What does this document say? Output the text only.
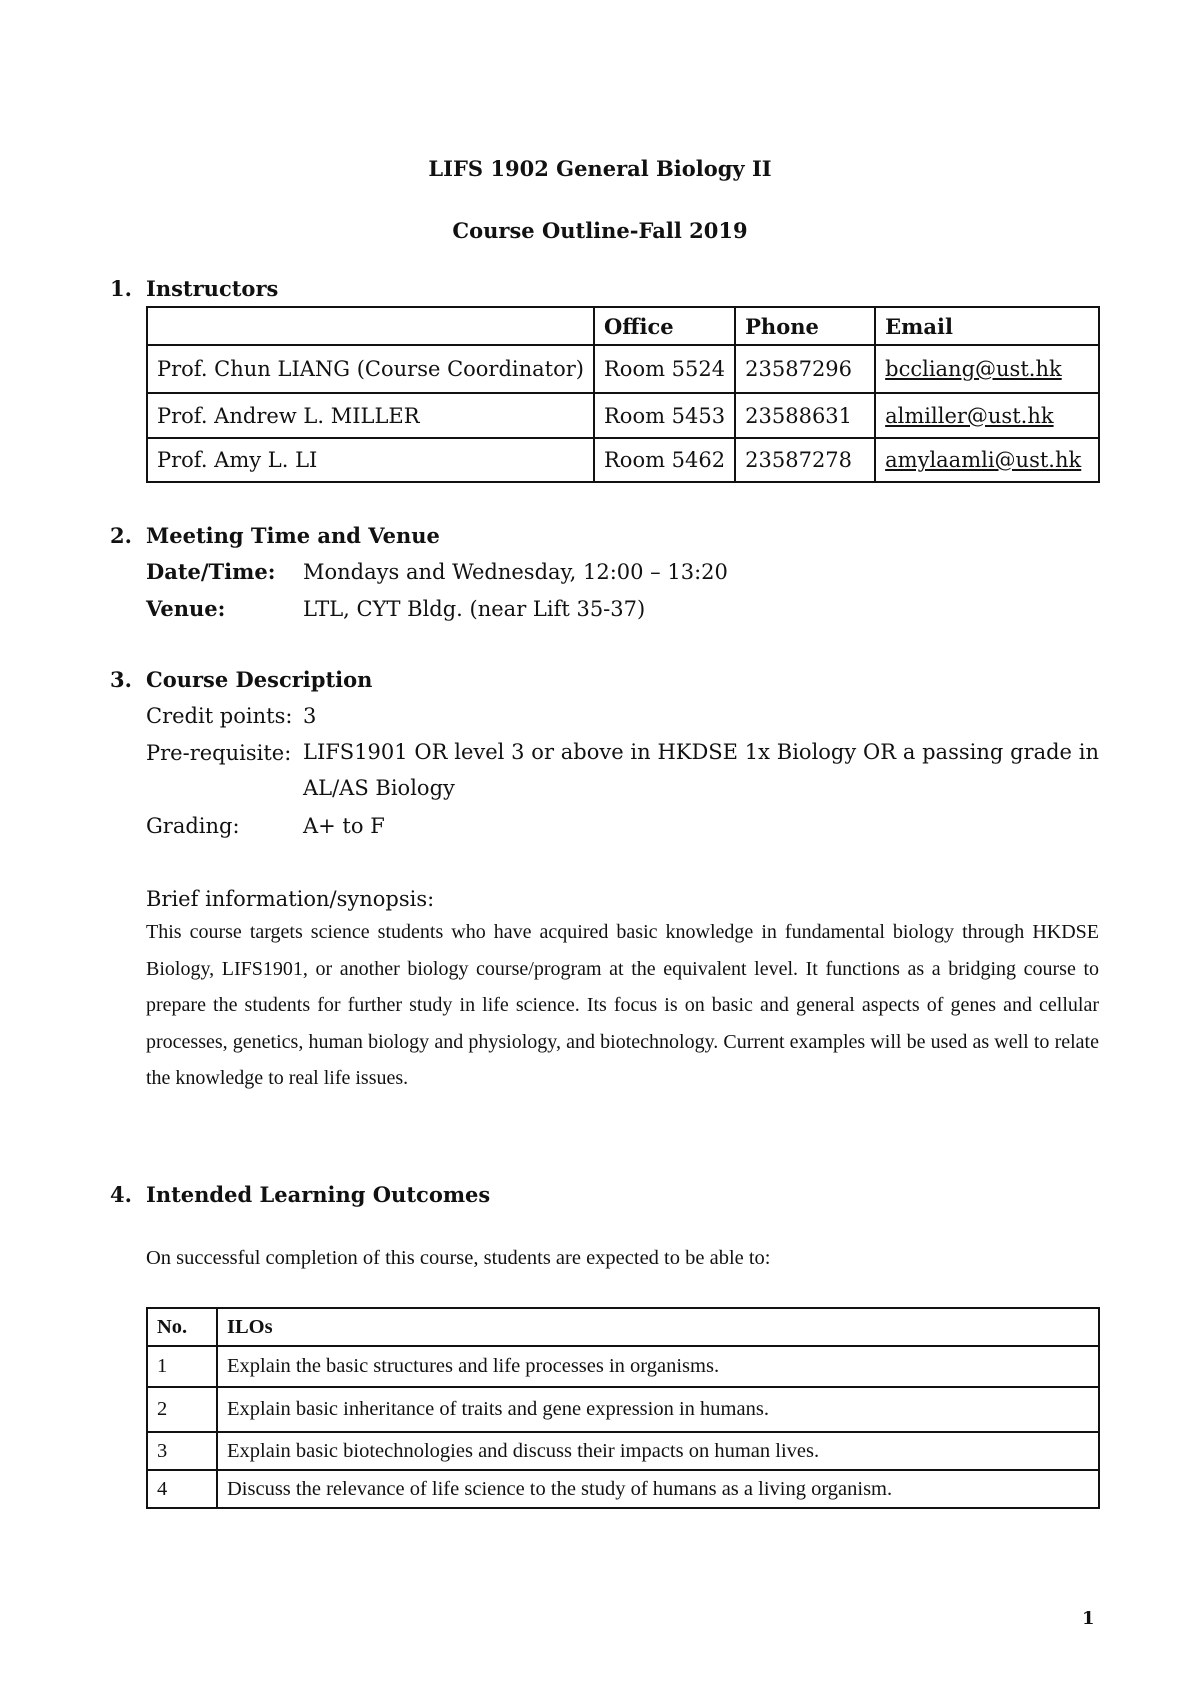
LIFS 1902 General Biology II
Course Outline-Fall 2019
1. Instructors
	Office	Phone	Email
Prof. Chun LIANG (Course Coordinator)	Room 5524	23587296	bccliang@ust.hk
Prof. Andrew L. MILLER	Room 5453	23588631	almiller@ust.hk
Prof. Amy L. LI	Room 5462	23587278	amylaamli@ust.hk
2. Meeting Time and Venue
Date/Time: Mondays and Wednesday, 12:00 – 13:20
Venue:	LTL, CYT Bldg. (near Lift 35-37)
3. Course Description
Credit points: 3
Pre-requisite: LIFS1901 OR level 3 or above in HKDSE 1x Biology OR a passing grade in AL/AS Biology
Grading:	A+ to F
Brief information/synopsis:
This course targets science students who have acquired basic knowledge in fundamental biology through HKDSE Biology, LIFS1901, or another biology course/program at the equivalent level. It functions as a bridging course to prepare the students for further study in life science. Its focus is on basic and general aspects of genes and cellular processes, genetics, human biology and physiology, and biotechnology. Current examples will be used as well to relate the knowledge to real life issues.
4. Intended Learning Outcomes
On successful completion of this course, students are expected to be able to:
No.	ILOs
1	Explain the basic structures and life processes in organisms.
2	Explain basic inheritance of traits and gene expression in humans.
3	Explain basic biotechnologies and discuss their impacts on human lives.
4	Discuss the relevance of life science to the study of humans as a living organism.
1
